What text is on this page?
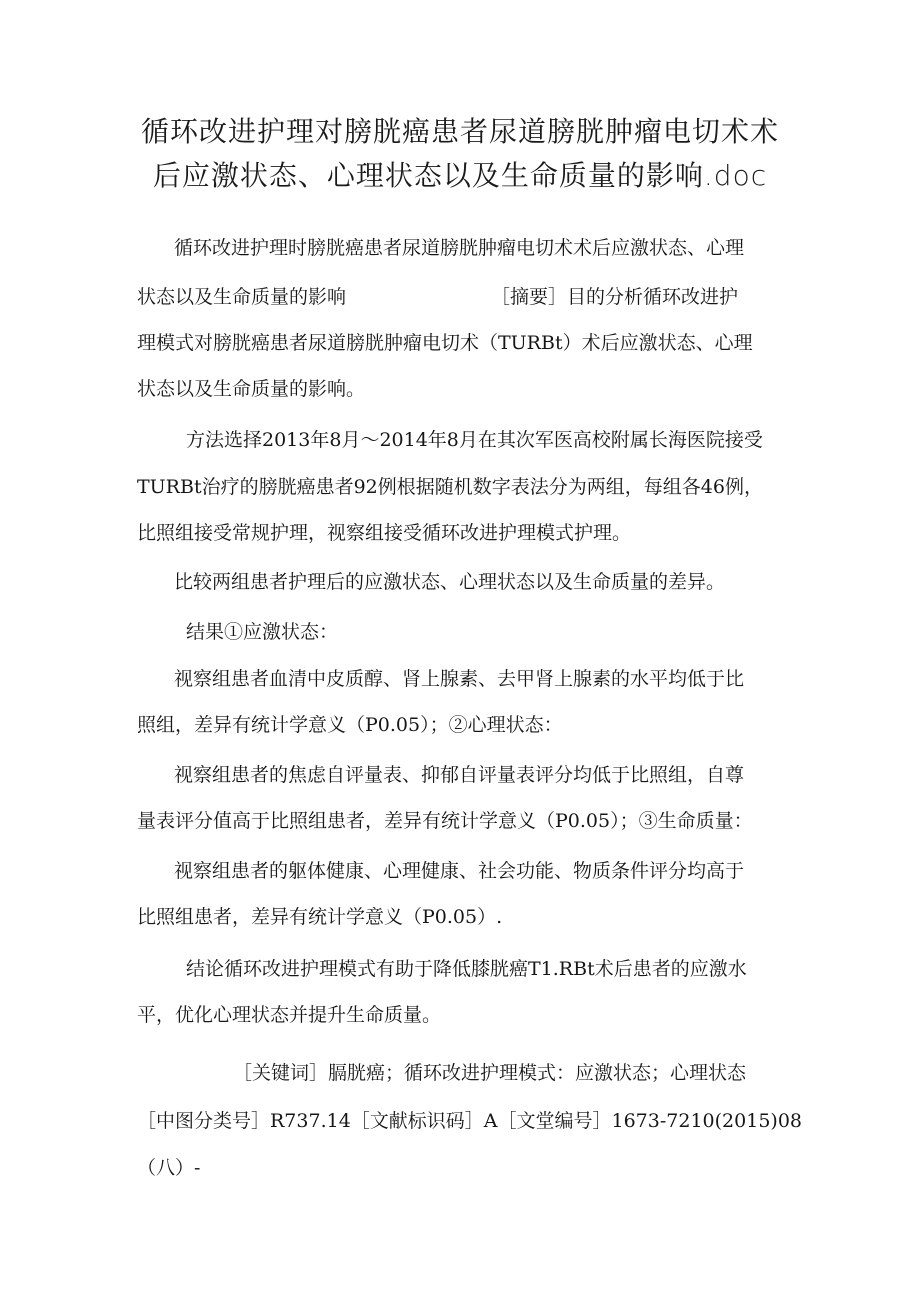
循环改进护理对膀胱癌患者尿道膀胱肿瘤电切术术
后应激状态、心理状态以及生命质量的影响.doc
循环改进护理时膀胱癌患者尿道膀胱肿瘤电切术术后应激状态、心理
状态以及生命质量的影响	［摘要］目的分析循环改进护
理模式对膀胱癌患者尿道膀胱肿瘤电切术（TURBt）术后应激状态、心理
状态以及生命质量的影响。
方法选择2013年8月～2014年8月在其次军医高校附属长海医院接受
TURBt治疗的膀胱癌患者92例根据随机数字表法分为两组，每组各46例，
比照组接受常规护理，视察组接受循环改进护理模式护理。
比较两组患者护理后的应激状态、心理状态以及生命质量的差异。
结果①应激状态：
视察组患者血清中皮质醇、肾上腺素、去甲肾上腺素的水平均低于比
照组，差异有统计学意义（P0.05）；②心理状态：
视察组患者的焦虑自评量表、抑郁自评量表评分均低于比照组，自尊
量表评分值高于比照组患者，差异有统计学意义（P0.05）；③生命质量：
视察组患者的躯体健康、心理健康、社会功能、物质条件评分均高于
比照组患者，差异有统计学意义（P0.05）.
结论循环改进护理模式有助于降低膝胱癌T1.RBt术后患者的应激水
平，优化心理状态并提升生命质量。
［关键词］膈胱癌；循环改进护理模式：应激状态；心理状态
［中图分类号］R737.14［文献标识码］A［文堂编号］1673-7210(2015)08
（八）-
